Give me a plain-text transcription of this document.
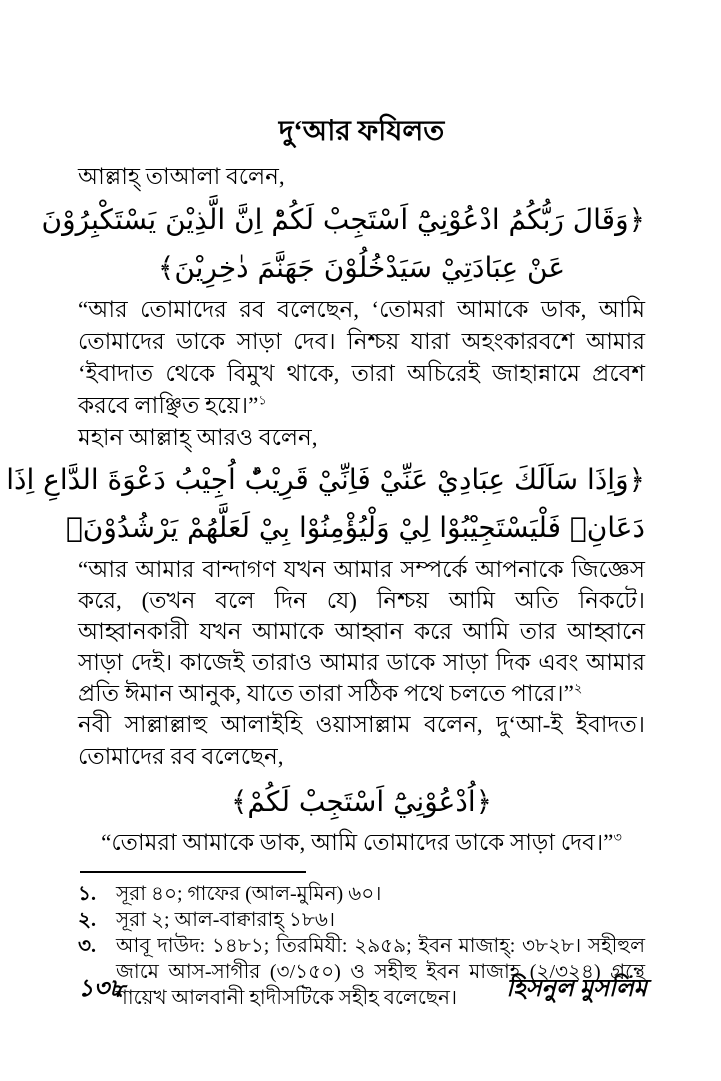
দু‘আর ফযিলত

আল্লাহ্ তাআলা বলেন,

﴿وَقَالَ رَبُّكُمُ ادْعُوْنِيْٓ اَسْتَجِبْ لَكُمْؕ اِنَّ الَّذِيْنَ يَسْتَكْبِرُوْنَ
عَنْ عِبَادَتِيْ سَيَدْخُلُوْنَ جَهَنَّمَ دٰخِرِيْنَ﴾

“আর তোমাদের রব বলেছেন, ‘তোমরা আমাকে ডাক, আমি তোমাদের ডাকে সাড়া দেব। নিশ্চয় যারা অহংকারবশে আমার ‘ইবাদাত থেকে বিমুখ থাকে, তারা অচিরেই জাহান্নামে প্রবেশ করবে লাঞ্ছিত হয়ে।”$^১$

মহান আল্লাহ্ আরও বলেন,

﴿وَاِذَا سَاَلَكَ عِبَادِيْ عَنِّيْ فَاِنِّيْ قَرِيْبٌؕ اُجِيْبُ دَعْوَةَ الدَّاعِ اِذَا
دَعَانِۙ فَلْيَسْتَجِيْبُوْا لِيْ وَلْيُؤْمِنُوْا بِيْ لَعَلَّهُمْ يَرْشُدُوْنَ﴾

“আর আমার বান্দাগণ যখন আমার সম্পর্কে আপনাকে জিজ্ঞেস করে, (তখন বলে দিন যে) নিশ্চয় আমি অতি নিকটে। আহ্বানকারী যখন আমাকে আহ্বান করে আমি তার আহ্বানে সাড়া দেই। কাজেই তারাও আমার ডাকে সাড়া দিক এবং আমার প্রতি ঈমান আনুক, যাতে তারা সঠিক পথে চলতে পারে।”$^২$

নবী সাল্লাল্লাহু আলাইহি ওয়াসাল্লাম বলেন, দু‘আ-ই ইবাদত। তোমাদের রব বলেছেন,

﴿اُدْعُوْنِيْٓ اَسْتَجِبْ لَكُمْ﴾

“তোমরা আমাকে ডাক, আমি তোমাদের ডাকে সাড়া দেব।”$^৩$

১.	সূরা ৪০; গাফের (আল-মুমিন) ৬০।
২. সূরা ২; আল-বাক্বারাহ্ ১৮৬।
৩. আবূ দাউদ: ১৪৮১; তিরমিযী: ২৯৫৯; ইবন মাজাহ্: ৩৮২৮। সহীহুল জামে আস-সাগীর (৩/১৫০) ও সহীহু ইবন মাজাহ (২/৩২৪) গ্রন্থে শায়েখ আলবানী হাদীসটিকে সহীহ বলেছেন।
১৩৮	হিসনুল মুসলিম
